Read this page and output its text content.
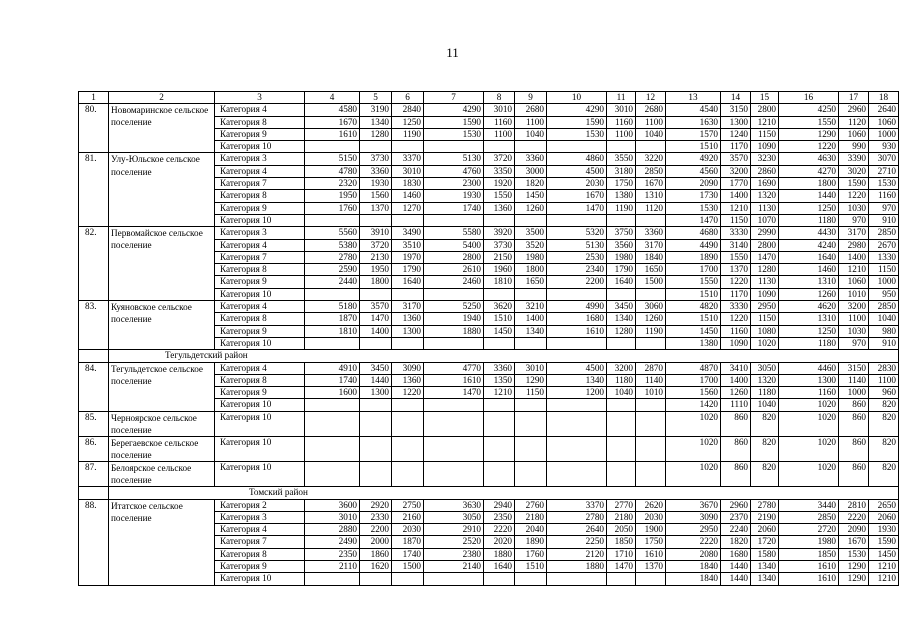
11
1	2	3	4	5	6	7	8	9	10	11	12	13	14	15	16	17	18
80.	Новомаринское сельское поселение	Категория 4	4580	3190	2840	4290	3010	2680	4290	3010	2680	4540	3150	2800	4250	2960	2640
		Категория 8	1670	1340	1250	1590	1160	1100	1590	1160	1100	1630	1300	1210	1550	1120	1060
		Категория 9	1610	1280	1190	1530	1100	1040	1530	1100	1040	1570	1240	1150	1290	1060	1000
		Категория 10										1510	1170	1090	1220	990	930
81.	Улу-Юльское сельское поселение	Категория 3	5150	3730	3370	5130	3720	3360	4860	3550	3220	4920	3570	3230	4630	3390	3070
		Категория 4	4780	3360	3010	4760	3350	3000	4500	3180	2850	4560	3200	2860	4270	3020	2710
		Категория 7	2320	1930	1830	2300	1920	1820	2030	1750	1670	2090	1770	1690	1800	1590	1530
		Категория 8	1950	1560	1460	1930	1550	1450	1670	1380	1310	1730	1400	1320	1440	1220	1160
		Категория 9	1760	1370	1270	1740	1360	1260	1470	1190	1120	1530	1210	1130	1250	1030	970
		Категория 10										1470	1150	1070	1180	970	910
82.	Первомайское сельское поселение	Категория 3	5560	3910	3490	5580	3920	3500	5320	3750	3360	4680	3330	2990	4430	3170	2850
		Категория 4	5380	3720	3510	5400	3730	3520	5130	3560	3170	4490	3140	2800	4240	2980	2670
		Категория 7	2780	2130	1970	2800	2150	1980	2530	1980	1840	1890	1550	1470	1640	1400	1330
		Категория 8	2590	1950	1790	2610	1960	1800	2340	1790	1650	1700	1370	1280	1460	1210	1150
		Категория 9	2440	1800	1640	2460	1810	1650	2200	1640	1500	1550	1220	1130	1310	1060	1000
		Категория 10										1510	1170	1090	1260	1010	950
83.	Куяновское сельское поселение	Категория 4	5180	3570	3170	5250	3620	3210	4990	3450	3060	4820	3330	2950	4620	3200	2850
		Категория 8	1870	1470	1360	1940	1510	1400	1680	1340	1260	1510	1220	1150	1310	1100	1040
		Категория 9	1810	1400	1300	1880	1450	1340	1610	1280	1190	1450	1160	1080	1250	1030	980
		Категория 10										1380	1090	1020	1180	970	910
	Тегульдетский район																
84.	Тегульдетское сельское поселение	Категория 4	4910	3450	3090	4770	3360	3010	4500	3200	2870	4870	3410	3050	4460	3150	2830
		Категория 8	1740	1440	1360	1610	1350	1290	1340	1180	1140	1700	1400	1320	1300	1140	1100
		Категория 9	1600	1300	1220	1470	1210	1150	1200	1040	1010	1560	1260	1180	1160	1000	960
		Категория 10										1420	1110	1040	1020	860	820
85.	Черноярское сельское поселение	Категория 10										1020	860	820	1020	860	820
86.	Берегаевское сельское поселение	Категория 10										1020	860	820	1020	860	820
87.	Белоярское сельское поселение	Категория 10										1020	860	820	1020	860	820
	Томский район																
88.	Итатское сельское поселение	Категория 2	3600	2920	2750	3630	2940	2760	3370	2770	2620	3670	2960	2780	3440	2810	2650
		Категория 3	3010	2330	2160	3050	2350	2180	2780	2180	2030	3090	2370	2190	2850	2220	2060
		Категория 4	2880	2200	2030	2910	2220	2040	2640	2050	1900	2950	2240	2060	2720	2090	1930
		Категория 7	2490	2000	1870	2520	2020	1890	2250	1850	1750	2220	1820	1720	1980	1670	1590
		Категория 8	2350	1860	1740	2380	1880	1760	2120	1710	1610	2080	1680	1580	1850	1530	1450
		Категория 9	2110	1620	1500	2140	1640	1510	1880	1470	1370	1840	1440	1340	1610	1290	1210
		Категория 10										1840	1440	1340	1610	1290	1210
